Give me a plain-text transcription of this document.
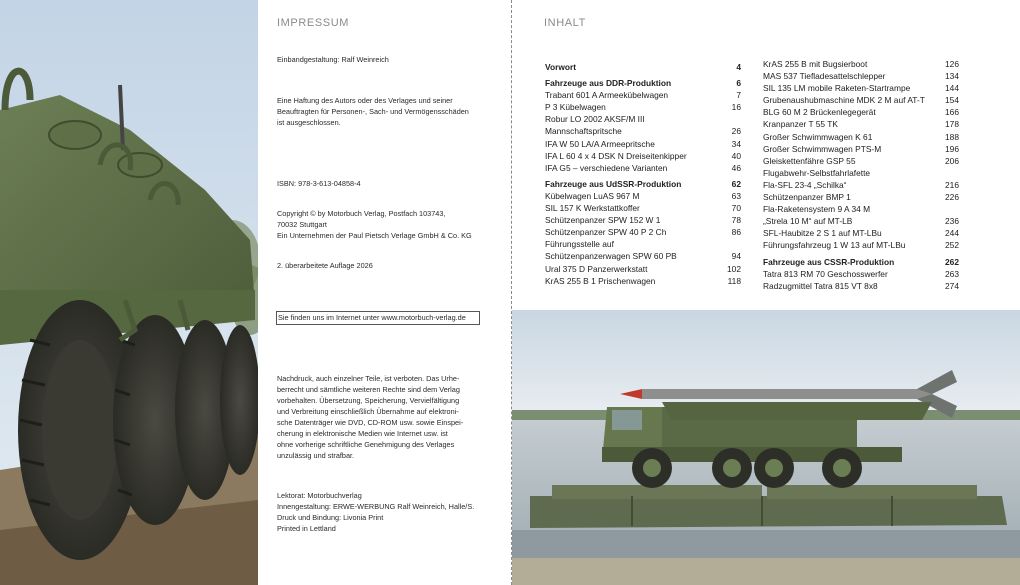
IMPRESSUM
Einbandgestaltung: Ralf Weinreich
Eine Haftung des Autors oder des Verlages und seiner
Beauftragten für Personen-, Sach- und Vermögensschäden
ist ausgeschlossen.
ISBN: 978-3-613-04858-4
Copyright © by Motorbuch Verlag, Postfach 103743,
70032 Stuttgart
Ein Unternehmen der Paul Pietsch Verlage GmbH & Co. KG
2. überarbeitete Auflage 2026
Sie finden uns im Internet unter www.motorbuch-verlag.de
Nachdruck, auch einzelner Teile, ist verboten. Das Urhe-
berrecht und sämtliche weiteren Rechte sind dem Verlag
vorbehalten. Übersetzung, Speicherung, Vervielfältigung
und Verbreitung einschließlich Übernahme auf elektroni-
sche Datenträger wie DVD, CD-ROM usw. sowie Einspei-
cherung in elektronische Medien wie Internet usw. ist
ohne vorherige schriftliche Genehmigung des Verlages
unzulässig und strafbar.
Lektorat: Motorbuchverlag
Innengestaltung: ERWE-WERBUNG Ralf Weinreich, Halle/S.
Druck und Bindung: Livonia Print
Printed in Lettland
INHALT
Vorwort	4
Fahrzeuge aus DDR-Produktion	6
Trabant 601 A Armeekübelwagen	7
P 3 Kübelwagen	16
Robur LO 2002 AKSF/M III
Mannschaftspritsche	26
IFA W 50 LA/A Armeepritsche	34
IFA L 60 4 x 4 DSK N Dreiseitenkipper	40
IFA G5 – verschiedene Varianten	46
Fahrzeuge aus UdSSR-Produktion	62
Kübelwagen LuAS 967 M	63
SIL 157 K Werkstattkoffer	70
Schützenpanzer SPW 152 W 1	78
Schützenpanzer SPW 40 P 2 Ch	86
Führungsstelle auf
Schützenpanzerwagen SPW 60 PB	94
Ural 375 D Panzerwerkstatt	102
KrAS 255 B 1 Prischenwagen	118
KrAS 255 B mit Bugsierboot	126
MAS 537 Tiefladesattelschlepper	134
SIL 135 LM mobile Raketen-Startrampe	144
Grubenaushubmaschine MDK 2 M auf AT-T 154
BLG 60 M 2 Brückenlegegerät	166
Kranpanzer T 55 TK	178
Großer Schwimmwagen K 61	188
Großer Schwimmwagen PTS-M	196
Gleiskettenfähre GSP 55	206
Flugabwehr-Selbstfahrlafette
Fla-SFL 23-4 „Schilka“	216
Schützenpanzer BMP 1	226
Fla-Raketensystem 9 A 34 M
„Strela 10 M“ auf MT-LB	236
SFL-Haubitze 2 S 1 auf MT-LBu	244
Führungsfahrzeug 1 W 13 auf MT-LBu	252
Fahrzeuge aus CSSR-Produktion	262
Tatra 813 RM 70 Geschosswerfer	263
Radzugmittel Tatra 815 VT 8x8	274
